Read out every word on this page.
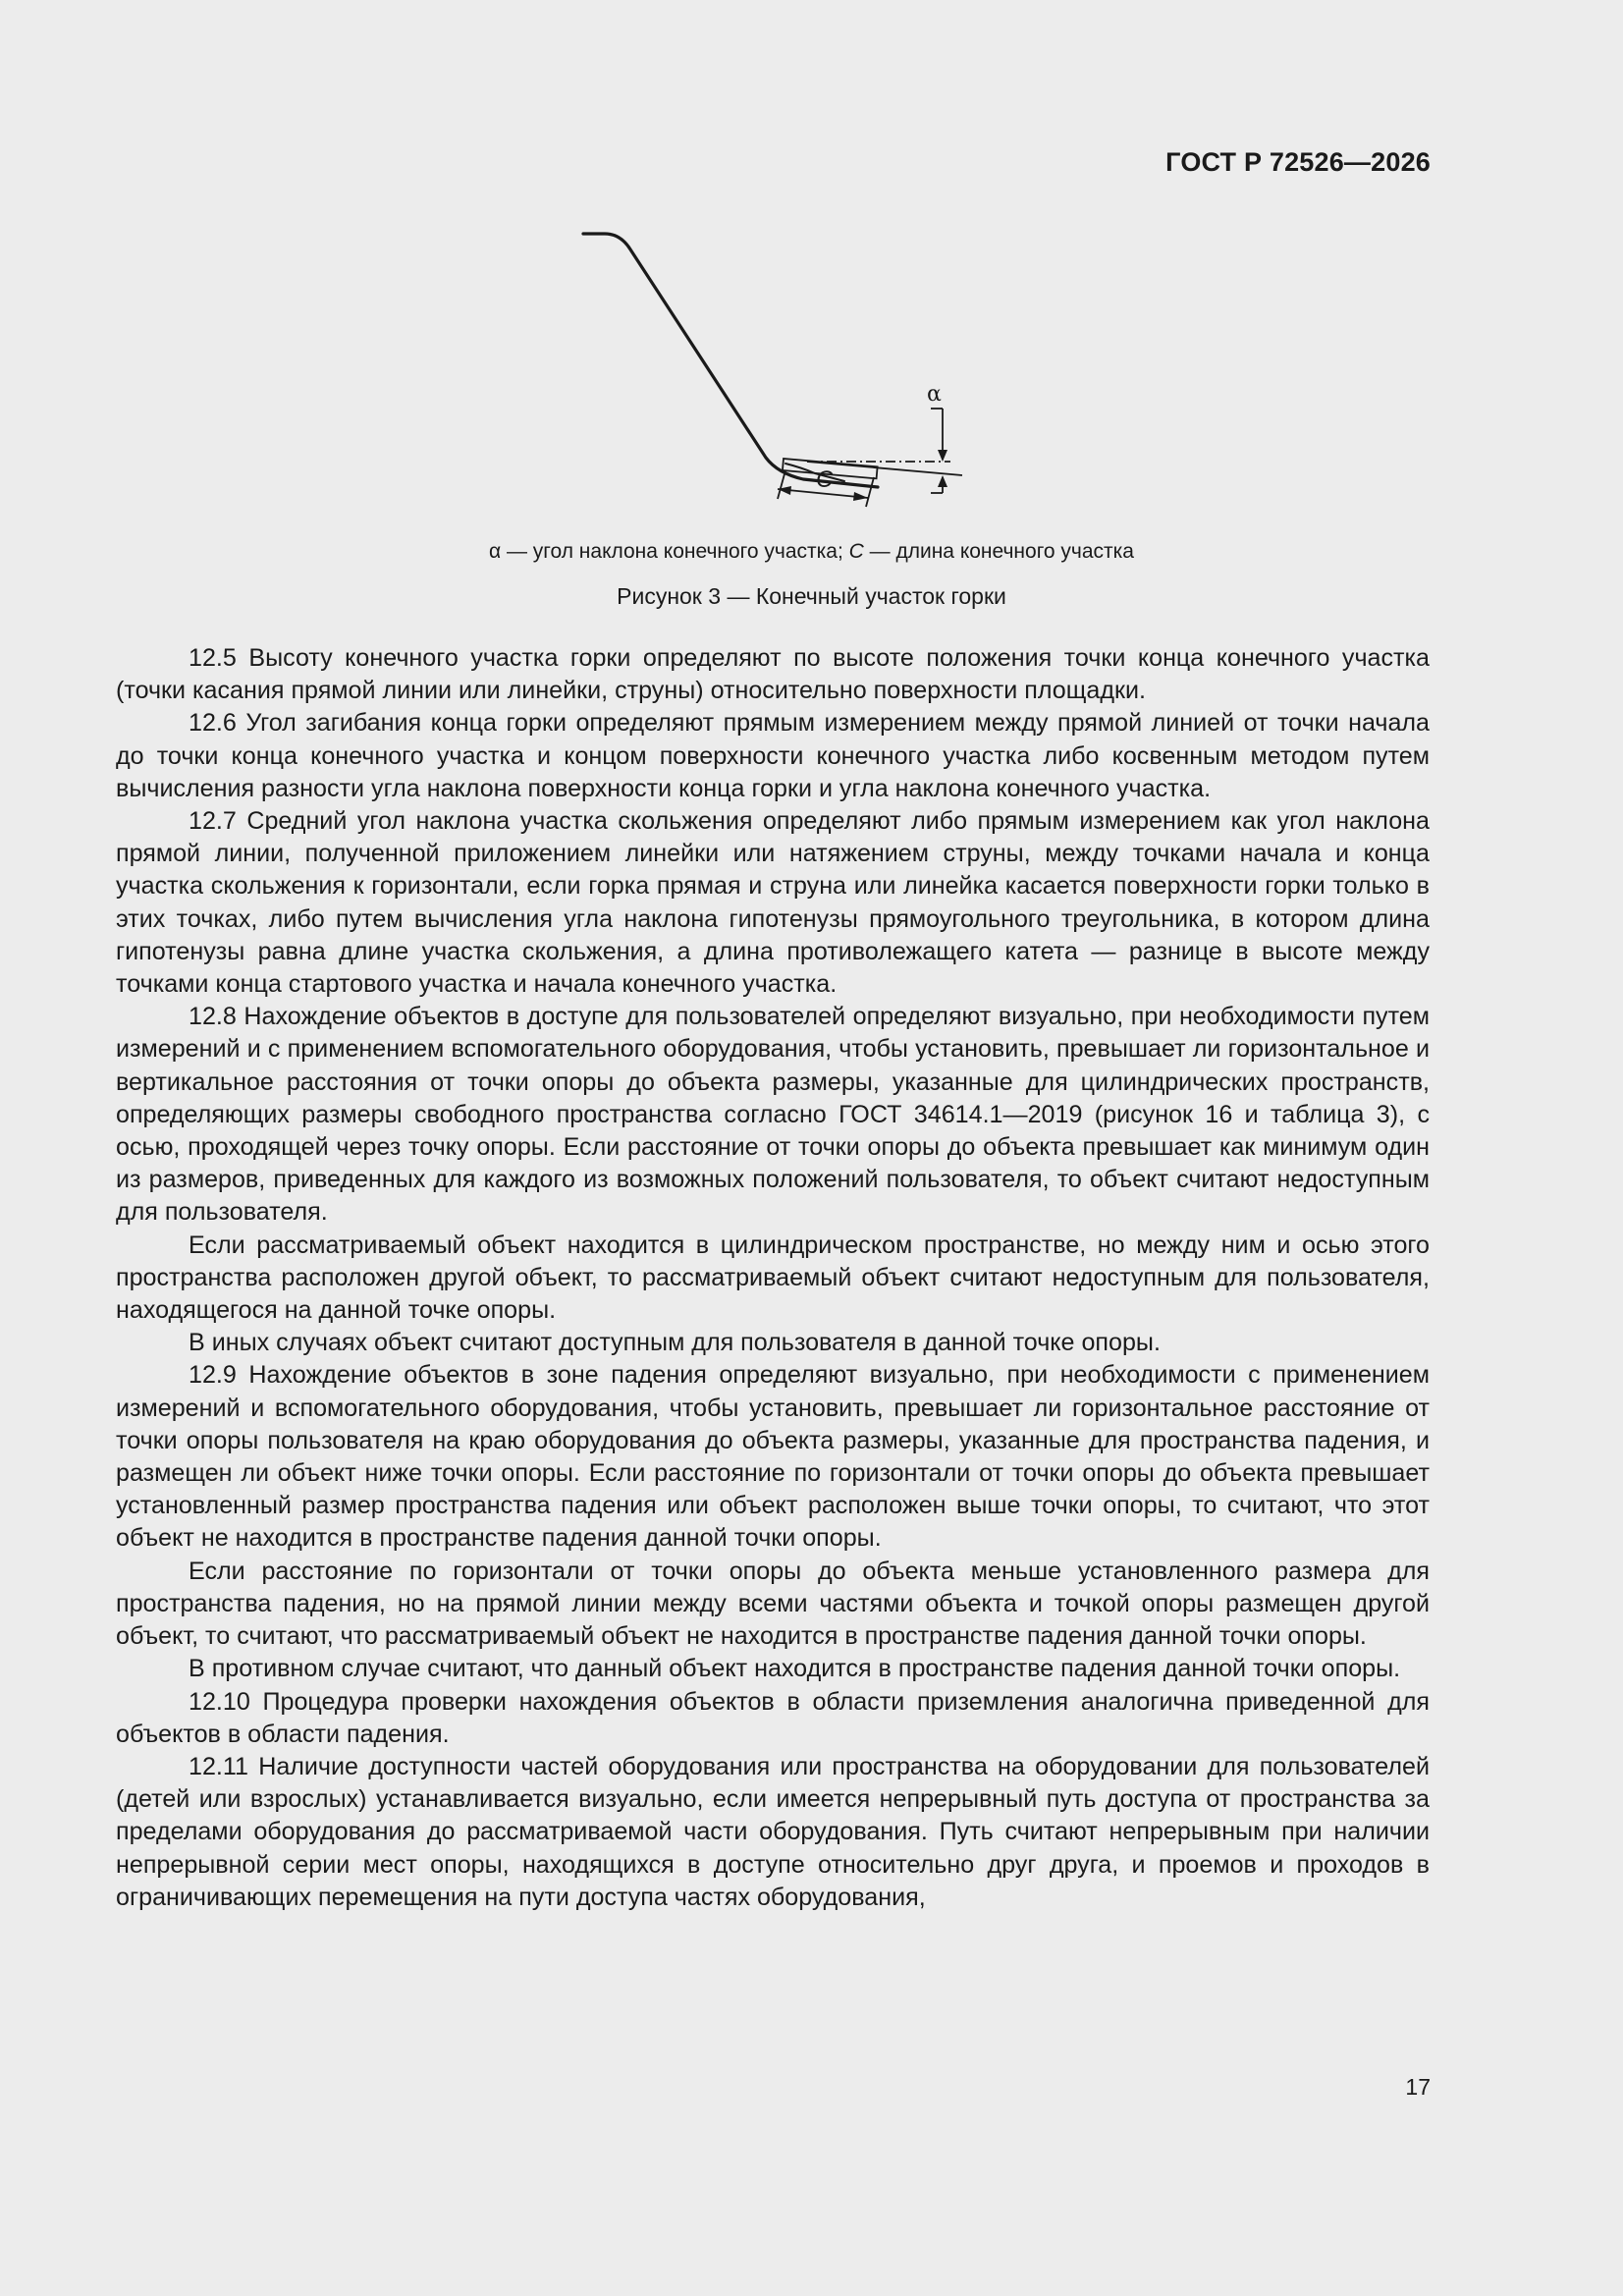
ГОСТ Р 72526—2026
α
C
α — угол наклона конечного участка; C — длина конечного участка
Рисунок 3 — Конечный участок горки

12.5 Высоту конечного участка горки определяют по высоте положения точки конца конечного участка (точки касания прямой линии или линейки, струны) относительно поверхности площадки.

12.6 Угол загибания конца горки определяют прямым измерением между прямой линией от точки начала до точки конца конечного участка и концом поверхности конечного участка либо косвенным методом путем вычисления разности угла наклона поверхности конца горки и угла наклона конечного участка.

12.7 Средний угол наклона участка скольжения определяют либо прямым измерением как угол наклона прямой линии, полученной приложением линейки или натяжением струны, между точками начала и конца участка скольжения к горизонтали, если горка прямая и струна или линейка касается поверхности горки только в этих точках, либо путем вычисления угла наклона гипотенузы прямоугольного треугольника, в котором длина гипотенузы равна длине участка скольжения, а длина противолежащего катета — разнице в высоте между точками конца стартового участка и начала конечного участка.

12.8 Нахождение объектов в доступе для пользователей определяют визуально, при необходимости путем измерений и с применением вспомогательного оборудования, чтобы установить, превышает ли горизонтальное и вертикальное расстояния от точки опоры до объекта размеры, указанные для цилиндрических пространств, определяющих размеры свободного пространства согласно ГОСТ 34614.1—2019 (рисунок 16 и таблица 3), с осью, проходящей через точку опоры. Если расстояние от точки опоры до объекта превышает как минимум один из размеров, приведенных для каждого из возможных положений пользователя, то объект считают недоступным для пользователя.

Если рассматриваемый объект находится в цилиндрическом пространстве, но между ним и осью этого пространства расположен другой объект, то рассматриваемый объект считают недоступным для пользователя, находящегося на данной точке опоры.

В иных случаях объект считают доступным для пользователя в данной точке опоры.

12.9 Нахождение объектов в зоне падения определяют визуально, при необходимости с применением измерений и вспомогательного оборудования, чтобы установить, превышает ли горизонтальное расстояние от точки опоры пользователя на краю оборудования до объекта размеры, указанные для пространства падения, и размещен ли объект ниже точки опоры. Если расстояние по горизонтали от точки опоры до объекта превышает установленный размер пространства падения или объект расположен выше точки опоры, то считают, что этот объект не находится в пространстве падения данной точки опоры.

Если расстояние по горизонтали от точки опоры до объекта меньше установленного размера для пространства падения, но на прямой линии между всеми частями объекта и точкой опоры размещен другой объект, то считают, что рассматриваемый объект не находится в пространстве падения данной точки опоры.

В противном случае считают, что данный объект находится в пространстве падения данной точки опоры.

12.10 Процедура проверки нахождения объектов в области приземления аналогична приведенной для объектов в области падения.

12.11 Наличие доступности частей оборудования или пространства на оборудовании для пользователей (детей или взрослых) устанавливается визуально, если имеется непрерывный путь доступа от пространства за пределами оборудования до рассматриваемой части оборудования. Путь считают непрерывным при наличии непрерывной серии мест опоры, находящихся в доступе относительно друг друга, и проемов и проходов в ограничивающих перемещения на пути доступа частях оборудования,

17
